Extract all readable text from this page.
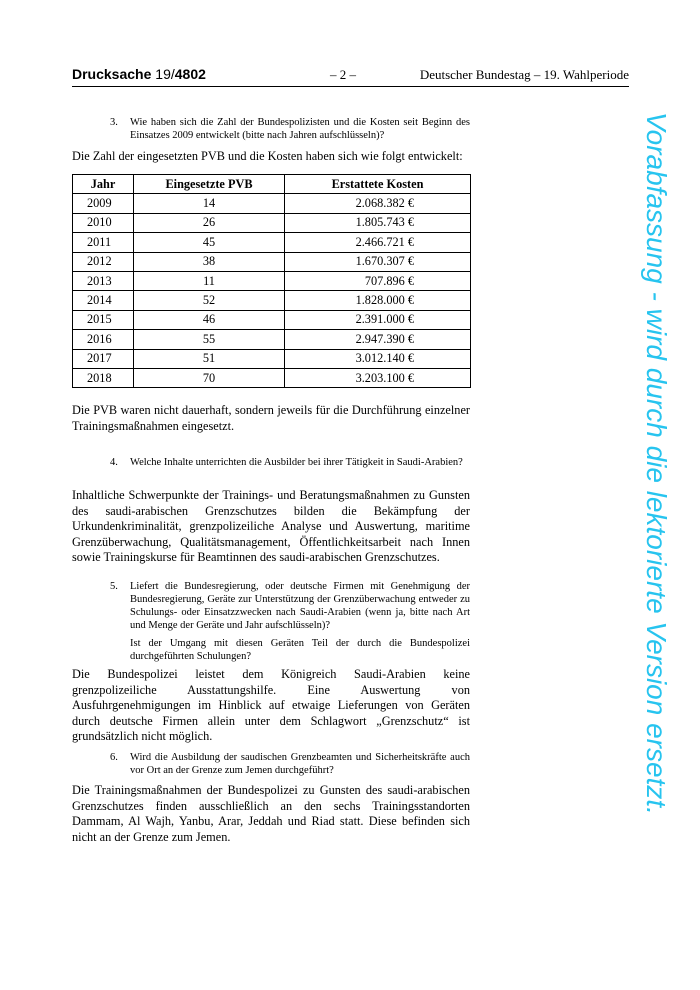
Drucksache 19/4802	– 2 –	Deutscher Bundestag – 19. Wahlperiode
Vorabfassung - wird durch die lektorierte Version ersetzt.
3. Wie haben sich die Zahl der Bundespolizisten und die Kosten seit Beginn des Einsatzes 2009 entwickelt (bitte nach Jahren aufschlüsseln)?
Die Zahl der eingesetzten PVB und die Kosten haben sich wie folgt entwickelt:
Jahr	Eingesetzte PVB	Erstattete Kosten
2009	14	2.068.382 €
2010	26	1.805.743 €
2011	45	2.466.721 €
2012	38	1.670.307 €
2013	11	707.896 €
2014	52	1.828.000 €
2015	46	2.391.000 €
2016	55	2.947.390 €
2017	51	3.012.140 €
2018	70	3.203.100 €
Die PVB waren nicht dauerhaft, sondern jeweils für die Durchführung einzelner Trainingsmaßnahmen eingesetzt.
4. Welche Inhalte unterrichten die Ausbilder bei ihrer Tätigkeit in Saudi-Arabien?
Inhaltliche Schwerpunkte der Trainings- und Beratungsmaßnahmen zu Gunsten des saudi-arabischen Grenzschutzes bilden die Bekämpfung der Urkundenkriminalität, grenzpolizeiliche Analyse und Auswertung, maritime Grenzüberwachung, Qualitätsmanagement, Öffentlichkeitsarbeit nach Innen sowie Trainingskurse für Beamtinnen des saudi-arabischen Grenzschutzes.
5. Liefert die Bundesregierung, oder deutsche Firmen mit Genehmigung der Bundesregierung, Geräte zur Unterstützung der Grenzüberwachung entweder zu Schulungs- oder Einsatzzwecken nach Saudi-Arabien (wenn ja, bitte nach Art und Menge der Geräte und Jahr aufschlüsseln)?
Ist der Umgang mit diesen Geräten Teil der durch die Bundespolizei durchgeführten Schulungen?
Die Bundespolizei leistet dem Königreich Saudi-Arabien keine grenzpolizeiliche Ausstattungshilfe. Eine Auswertung von Ausfuhrgenehmigungen im Hinblick auf etwaige Lieferungen von Geräten durch deutsche Firmen allein unter dem Schlagwort „Grenzschutz“ ist grundsätzlich nicht möglich.
6. Wird die Ausbildung der saudischen Grenzbeamten und Sicherheitskräfte auch vor Ort an der Grenze zum Jemen durchgeführt?
Die Trainingsmaßnahmen der Bundespolizei zu Gunsten des saudi-arabischen Grenzschutzes finden ausschließlich an den sechs Trainingsstandorten Dammam, Al Wajh, Yanbu, Arar, Jeddah und Riad statt. Diese befinden sich nicht an der Grenze zum Jemen.
